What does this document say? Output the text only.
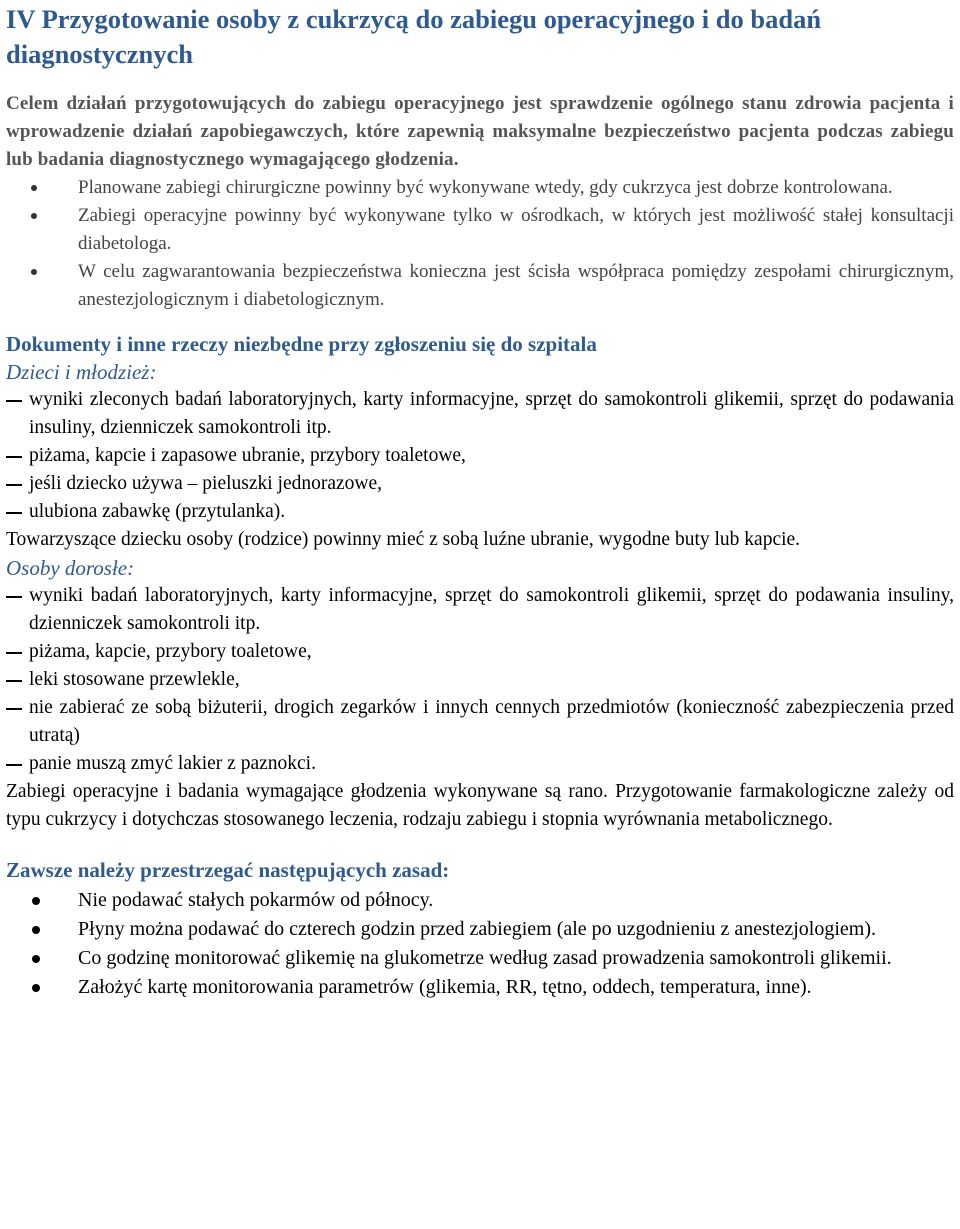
IV Przygotowanie osoby z cukrzycą do zabiegu operacyjnego i do badań diagnostycznych

Celem działań przygotowujących do zabiegu operacyjnego jest sprawdzenie ogólnego stanu zdrowia pacjenta i wprowadzenie działań zapobiegawczych, które zapewnią maksymalne bezpieczeństwo pacjenta podczas zabiegu lub badania diagnostycznego wymagającego głodzenia.

Planowane zabiegi chirurgiczne powinny być wykonywane wtedy, gdy cukrzyca jest dobrze kontrolowana.
Zabiegi operacyjne powinny być wykonywane tylko w ośrodkach, w których jest możliwość stałej konsultacji diabetologa.
W celu zagwarantowania bezpieczeństwa konieczna jest ścisła współpraca pomiędzy zespołami chirurgicznym, anestezjologicznym i diabetologicznym.
Dokumenty i inne rzeczy niezbędne przy zgłoszeniu się do szpitala
Dzieci i młodzież:
wyniki zleconych badań laboratoryjnych, karty informacyjne, sprzęt do samokontroli glikemii, sprzęt do podawania insuliny, dzienniczek samokontroli itp.
piżama, kapcie i zapasowe ubranie, przybory toaletowe,
jeśli dziecko używa – pieluszki jednorazowe,
ulubiona zabawkę (przytulanka).

Towarzyszące dziecku osoby (rodzice) powinny mieć z sobą luźne ubranie, wygodne buty lub kapcie.

Osoby dorosłe:
wyniki badań laboratoryjnych, karty informacyjne, sprzęt do samokontroli glikemii, sprzęt do podawania insuliny, dzienniczek samokontroli itp.
piżama, kapcie, przybory toaletowe,
leki stosowane przewlekle,
nie zabierać ze sobą biżuterii, drogich zegarków i innych cennych przedmiotów (konieczność zabezpieczenia przed utratą)
panie muszą zmyć lakier z paznokci.

Zabiegi operacyjne i badania wymagające głodzenia wykonywane są rano. Przygotowanie farmakologiczne zależy od typu cukrzycy i dotychczas stosowanego leczenia, rodzaju zabiegu i stopnia wyrównania metabolicznego.

Zawsze należy przestrzegać następujących zasad:
Nie podawać stałych pokarmów od północy.
Płyny można podawać do czterech godzin przed zabiegiem (ale po uzgodnieniu z anestezjologiem).
Co godzinę monitorować glikemię na glukometrze według zasad prowadzenia samokontroli glikemii.
Założyć kartę monitorowania parametrów (glikemia, RR, tętno, oddech, temperatura, inne).
